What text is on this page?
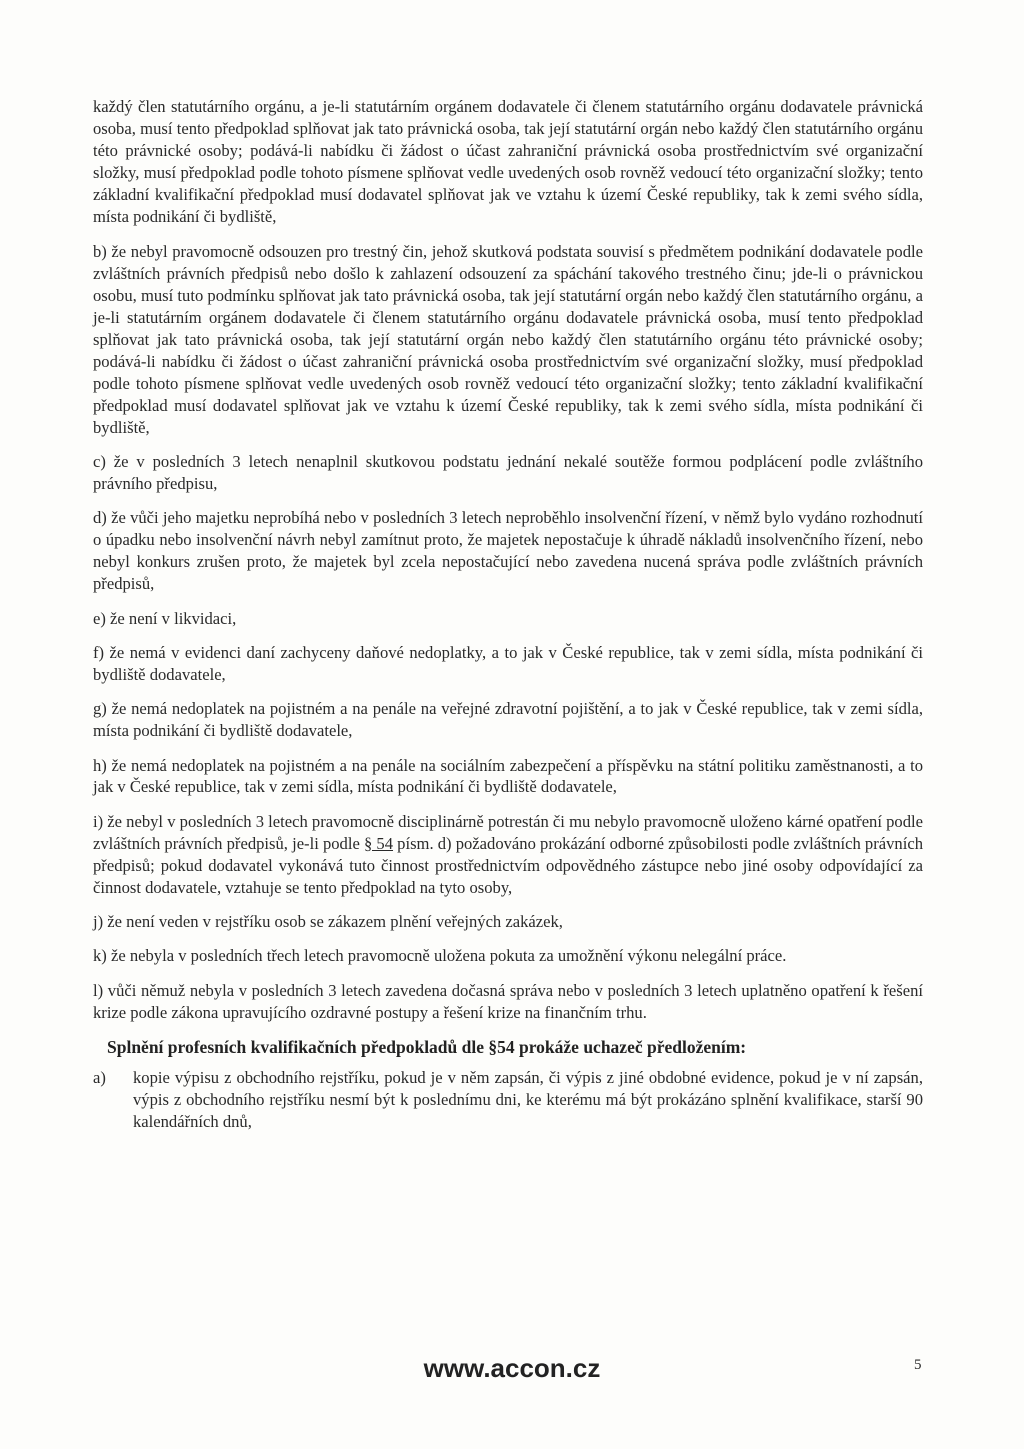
každý člen statutárního orgánu, a je-li statutárním orgánem dodavatele či členem statutárního orgánu dodavatele právnická osoba, musí tento předpoklad splňovat jak tato právnická osoba, tak její statutární orgán nebo každý člen statutárního orgánu této právnické osoby; podává-li nabídku či žádost o účast zahraniční právnická osoba prostřednictvím své organizační složky, musí předpoklad podle tohoto písmene splňovat vedle uvedených osob rovněž vedoucí této organizační složky; tento základní kvalifikační předpoklad musí dodavatel splňovat jak ve vztahu k území České republiky, tak k zemi svého sídla, místa podnikání či bydliště,

b) že nebyl pravomocně odsouzen pro trestný čin, jehož skutková podstata souvisí s předmětem podnikání dodavatele podle zvláštních právních předpisů nebo došlo k zahlazení odsouzení za spáchání takového trestného činu; jde-li o právnickou osobu, musí tuto podmínku splňovat jak tato právnická osoba, tak její statutární orgán nebo každý člen statutárního orgánu, a je-li statutárním orgánem dodavatele či členem statutárního orgánu dodavatele právnická osoba, musí tento předpoklad splňovat jak tato právnická osoba, tak její statutární orgán nebo každý člen statutárního orgánu této právnické osoby; podává-li nabídku či žádost o účast zahraniční právnická osoba prostřednictvím své organizační složky, musí předpoklad podle tohoto písmene splňovat vedle uvedených osob rovněž vedoucí této organizační složky; tento základní kvalifikační předpoklad musí dodavatel splňovat jak ve vztahu k území České republiky, tak k zemi svého sídla, místa podnikání či bydliště,

c) že v posledních 3 letech nenaplnil skutkovou podstatu jednání nekalé soutěže formou podplácení podle zvláštního právního předpisu,

d) že vůči jeho majetku neprobíhá nebo v posledních 3 letech neproběhlo insolvenční řízení, v němž bylo vydáno rozhodnutí o úpadku nebo insolvenční návrh nebyl zamítnut proto, že majetek nepostačuje k úhradě nákladů insolvenčního řízení, nebo nebyl konkurs zrušen proto, že majetek byl zcela nepostačující nebo zavedena nucená správa podle zvláštních právních předpisů,

e) že není v likvidaci,

f) že nemá v evidenci daní zachyceny daňové nedoplatky, a to jak v České republice, tak v zemi sídla, místa podnikání či bydliště dodavatele,

g) že nemá nedoplatek na pojistném a na penále na veřejné zdravotní pojištění, a to jak v České republice, tak v zemi sídla, místa podnikání či bydliště dodavatele,

h) že nemá nedoplatek na pojistném a na penále na sociálním zabezpečení a příspěvku na státní politiku zaměstnanosti, a to jak v České republice, tak v zemi sídla, místa podnikání či bydliště dodavatele,

i) že nebyl v posledních 3 letech pravomocně disciplinárně potrestán či mu nebylo pravomocně uloženo kárné opatření podle zvláštních právních předpisů, je-li podle § 54 písm. d) požadováno prokázání odborné způsobilosti podle zvláštních právních předpisů; pokud dodavatel vykonává tuto činnost prostřednictvím odpovědného zástupce nebo jiné osoby odpovídající za činnost dodavatele, vztahuje se tento předpoklad na tyto osoby,

j) že není veden v rejstříku osob se zákazem plnění veřejných zakázek,

k) že nebyla v posledních třech letech pravomocně uložena pokuta za umožnění výkonu nelegální práce.

l) vůči němuž nebyla v posledních 3 letech zavedena dočasná správa nebo v posledních 3 letech uplatněno opatření k řešení krize podle zákona upravujícího ozdravné postupy a řešení krize na finančním trhu.

Splnění profesních kvalifikačních předpokladů dle §54 prokáže uchazeč předložením:
a)	kopie výpisu z obchodního rejstříku, pokud je v něm zapsán, či výpis z jiné obdobné evidence, pokud je v ní zapsán, výpis z obchodního rejstříku nesmí být k poslednímu dni, ke kterému má být prokázáno splnění kvalifikace, starší 90 kalendářních dnů,
www.accon.cz	5
